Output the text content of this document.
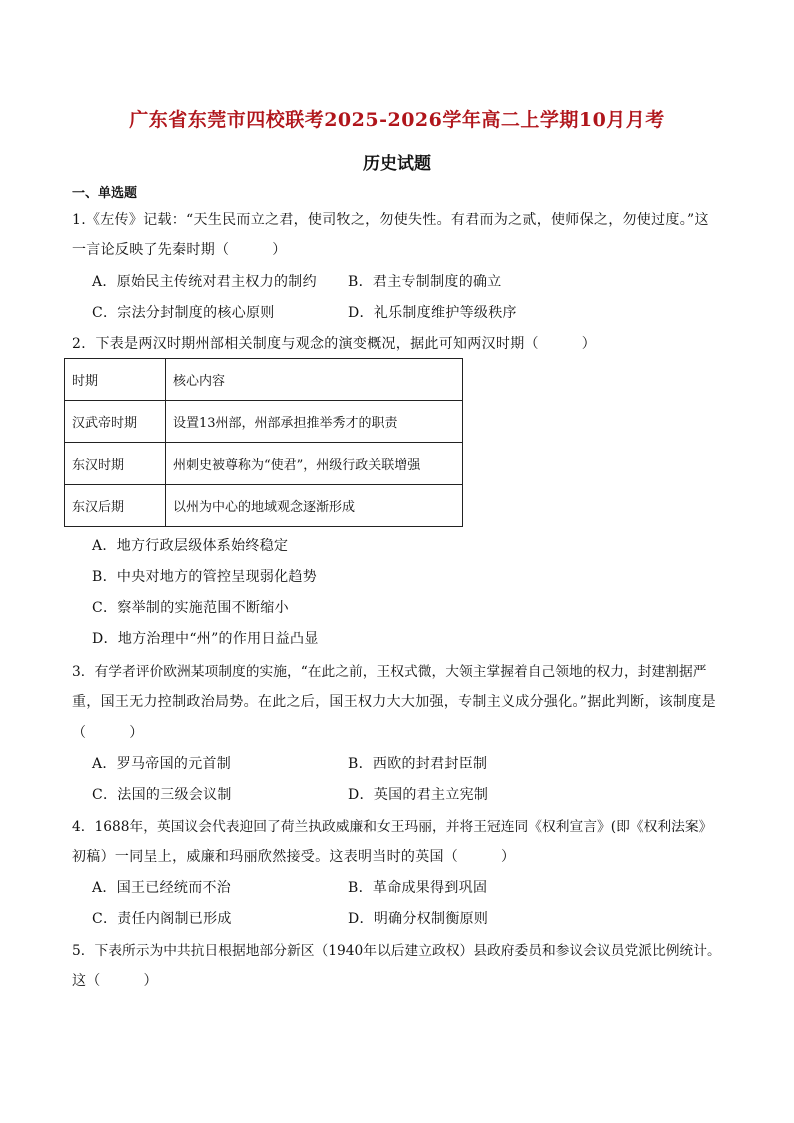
广东省东莞市四校联考2025-2026学年高二上学期10月月考
历史试题
一、单选题
1.《左传》记载：“天生民而立之君，使司牧之，勿使失性。有君而为之贰，使师保之，勿使过度。”这
一言论反映了先秦时期（　　　）
A．原始民主传统对君主权力的制约 B．君主专制制度的确立
C．宗法分封制度的核心原则	D．礼乐制度维护等级秩序
2．下表是两汉时期州部相关制度与观念的演变概况，据此可知两汉时期（　　　）
时期	核心内容
汉武帝时期	设置13州部，州部承担推举秀才的职责
东汉时期	州刺史被尊称为“使君”，州级行政关联增强
东汉后期	以州为中心的地域观念逐渐形成
A．地方行政层级体系始终稳定
B．中央对地方的管控呈现弱化趋势
C．察举制的实施范围不断缩小
D．地方治理中“州”的作用日益凸显
3．有学者评价欧洲某项制度的实施，“在此之前，王权式微，大领主掌握着自己领地的权力，封建割据严
重，国王无力控制政治局势。在此之后，国王权力大大加强，专制主义成分强化。”据此判断，该制度是
（　　　）
A．罗马帝国的元首制	B．西欧的封君封臣制
C．法国的三级会议制	D．英国的君主立宪制
4．1688年，英国议会代表迎回了荷兰执政威廉和女王玛丽，并将王冠连同《权利宣言》(即《权利法案》
初稿）一同呈上，威廉和玛丽欣然接受。这表明当时的英国（　　　）
A．国王已经统而不治	B．革命成果得到巩固
C．责任内阁制已形成	D．明确分权制衡原则
5．下表所示为中共抗日根据地部分新区（1940年以后建立政权）县政府委员和参议会议员党派比例统计。
这（　　　）
